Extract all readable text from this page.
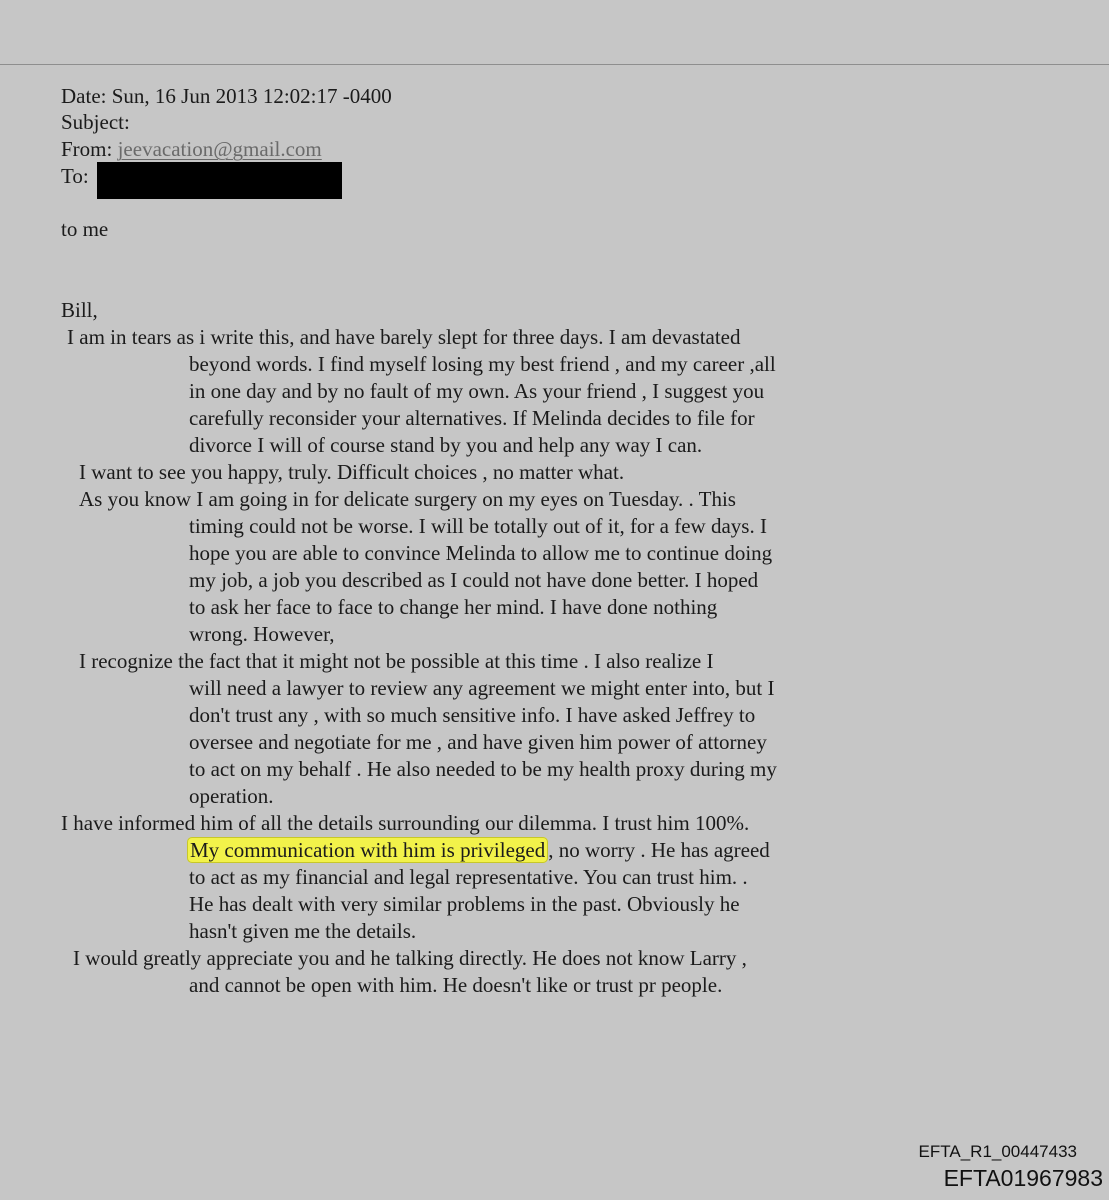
Date: Sun, 16 Jun 2013 12:02:17 -0400
Subject:
From: jeevacation@gmail.com
To:
to me
Bill,
I am in tears as i write this, and have barely slept for three days. I am devastated
beyond words. I find myself losing my best friend , and my career ,all
in one day and by no fault of my own. As your friend , I suggest you
carefully reconsider your alternatives. If Melinda decides to file for
divorce I will of course stand by you and help any way I can.
I want to see you happy, truly. Difficult choices , no matter what.
As you know I am going in for delicate surgery on my eyes on Tuesday. . This
timing could not be worse. I will be totally out of it, for a few days. I
hope you are able to convince Melinda to allow me to continue doing
my job, a job you described as I could not have done better. I hoped
to ask her face to face to change her mind. I have done nothing
wrong. However,
I recognize the fact that it might not be possible at this time . I also realize I
will need a lawyer to review any agreement we might enter into, but I
don't trust any , with so much sensitive info. I have asked Jeffrey to
oversee and negotiate for me , and have given him power of attorney
to act on my behalf . He also needed to be my health proxy during my
operation.
I have informed him of all the details surrounding our dilemma. I trust him 100%.
My communication with him is privileged , no worry . He has agreed
to act as my financial and legal representative. You can trust him. .
He has dealt with very similar problems in the past. Obviously he
hasn't given me the details.
I would greatly appreciate you and he talking directly. He does not know Larry ,
and cannot be open with him. He doesn't like or trust pr people.
EFTA_R1_00447433
EFTA01967983
